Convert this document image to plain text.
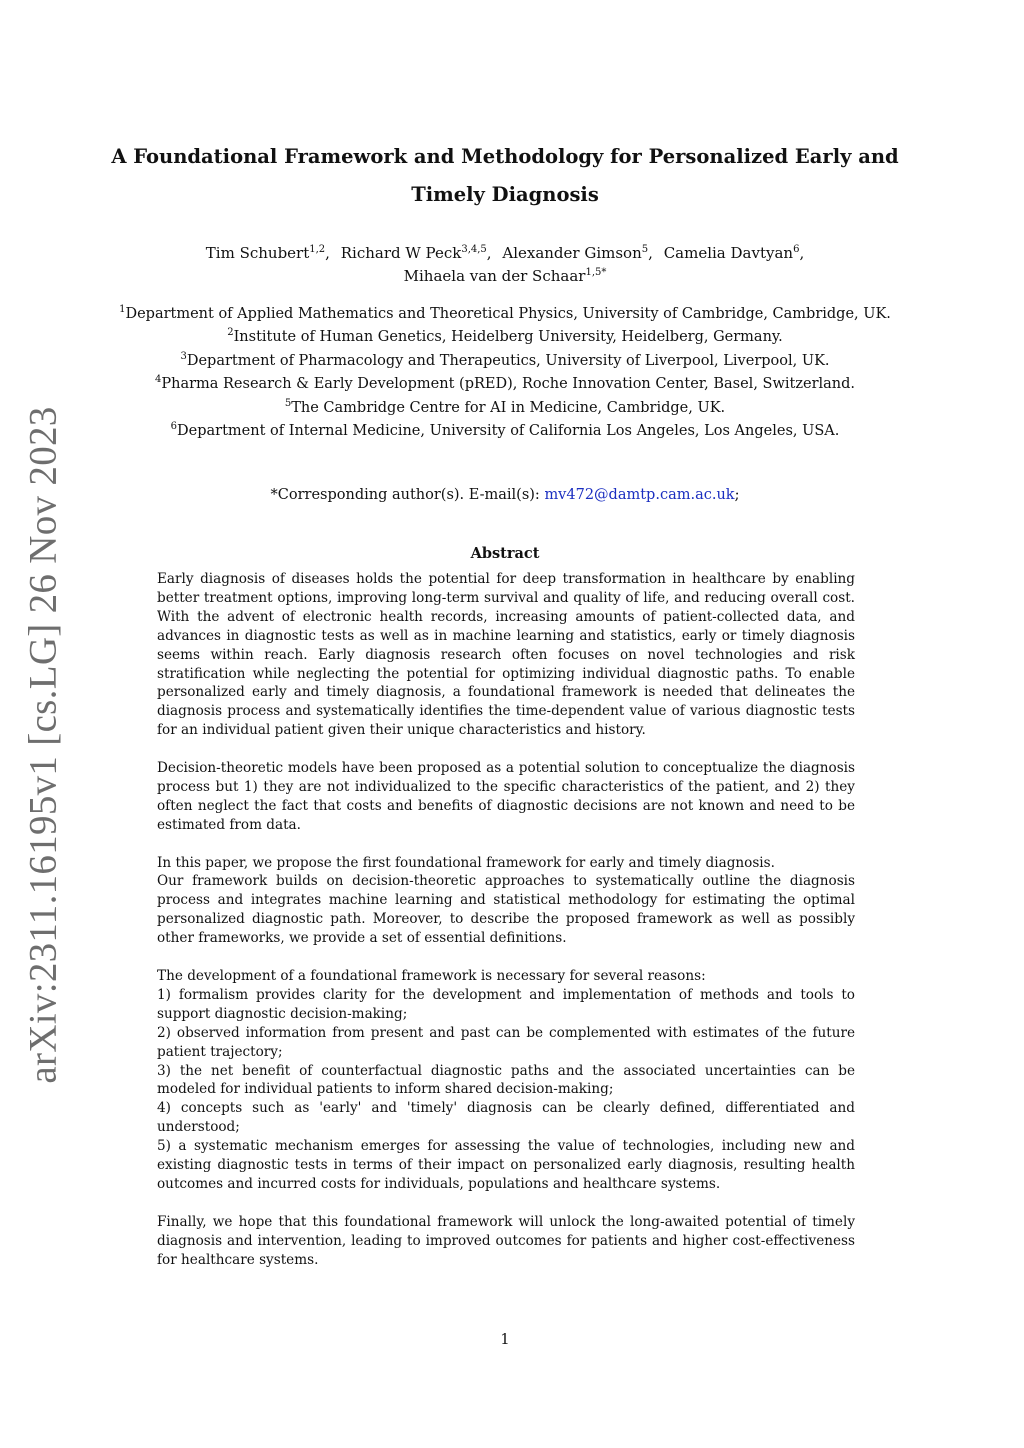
arXiv:2311.16195v1 [cs.LG] 26 Nov 2023
A Foundational Framework and Methodology for Personalized Early and
Timely Diagnosis
Tim Schubert$^{1,2}$, Richard W Peck$^{3,4,5}$, Alexander Gimson$^5$, Camelia Davtyan$^6$,
Mihaela van der Schaar$^{1,5*}$
$^1$Department of Applied Mathematics and Theoretical Physics, University of Cambridge, Cambridge, UK.
$^2$Institute of Human Genetics, Heidelberg University, Heidelberg, Germany.
$^3$Department of Pharmacology and Therapeutics, University of Liverpool, Liverpool, UK.
$^4$Pharma Research & Early Development (pRED), Roche Innovation Center, Basel, Switzerland.
$^5$The Cambridge Centre for AI in Medicine, Cambridge, UK.
$^6$Department of Internal Medicine, University of California Los Angeles, Los Angeles, USA.
*Corresponding author(s). E-mail(s): mv472@damtp.cam.ac.uk;
Abstract

Early diagnosis of diseases holds the potential for deep transformation in healthcare by enabling better treatment options, improving long-term survival and quality of life, and reducing overall cost. With the advent of electronic health records, increasing amounts of patient-collected data, and advances in diagnostic tests as well as in machine learning and statistics, early or timely diagnosis seems within reach. Early diagnosis research often focuses on novel technologies and risk stratification while neglecting the potential for optimizing individual diagnostic paths. To enable personalized early and timely diagnosis, a foundational framework is needed that delineates the diagnosis process and systematically identifies the time-dependent value of various diagnostic tests for an individual patient given their unique characteristics and history.

Decision-theoretic models have been proposed as a potential solution to conceptualize the diagnosis process but 1) they are not individualized to the specific characteristics of the patient, and 2) they often neglect the fact that costs and benefits of diagnostic decisions are not known and need to be estimated from data.

In this paper, we propose the first foundational framework for early and timely diagnosis.
Our framework builds on decision-theoretic approaches to systematically outline the diagnosis process and integrates machine learning and statistical methodology for estimating the optimal personalized diagnostic path. Moreover, to describe the proposed framework as well as possibly other frameworks, we provide a set of essential definitions.

The development of a foundational framework is necessary for several reasons:
1) formalism provides clarity for the development and implementation of methods and tools to support diagnostic decision-making;
2) observed information from present and past can be complemented with estimates of the future patient trajectory;
3) the net benefit of counterfactual diagnostic paths and the associated uncertainties can be modeled for individual patients to inform shared decision-making;
4) concepts such as 'early' and 'timely' diagnosis can be clearly defined, differentiated and understood;
5) a systematic mechanism emerges for assessing the value of technologies, including new and existing diagnostic tests in terms of their impact on personalized early diagnosis, resulting health outcomes and incurred costs for individuals, populations and healthcare systems.

Finally, we hope that this foundational framework will unlock the long-awaited potential of timely diagnosis and intervention, leading to improved outcomes for patients and higher cost-effectiveness for healthcare systems.

1
